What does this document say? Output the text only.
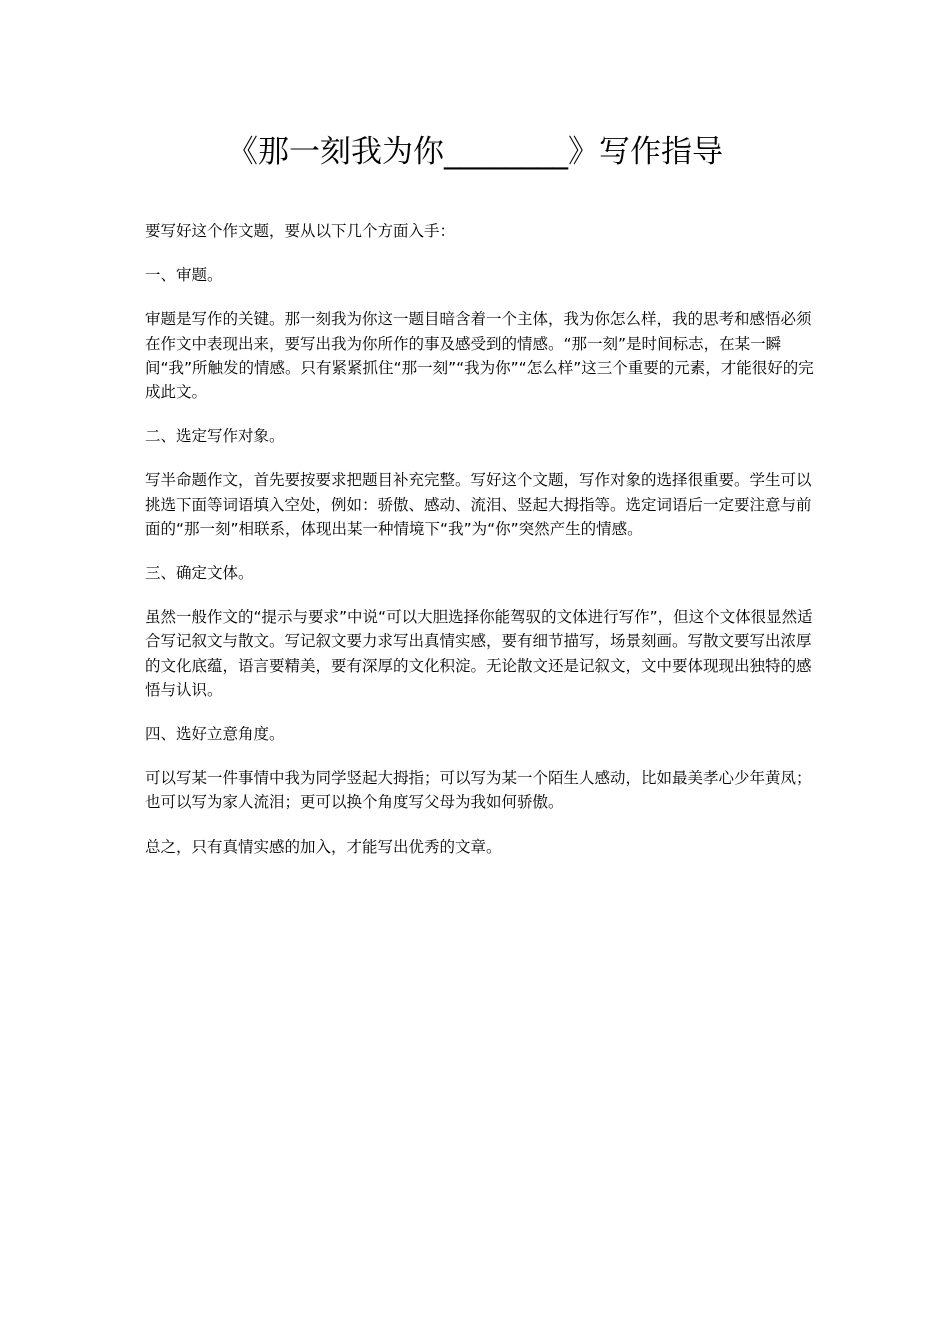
《那一刻我为你________》写作指导

要写好这个作文题，要从以下几个方面入手：

一、审题。

审题是写作的关键。那一刻我为你这一题目暗含着一个主体，我为你怎么样，我的思考和感悟必须在作文中表现出来，要写出我为你所作的事及感受到的情感。“那一刻”是时间标志，在某一瞬间“我”所触发的情感。只有紧紧抓住“那一刻”“我为你”“怎么样”这三个重要的元素，才能很好的完成此文。

二、选定写作对象。

写半命题作文，首先要按要求把题目补充完整。写好这个文题，写作对象的选择很重要。学生可以挑选下面等词语填入空处，例如：骄傲、感动、流泪、竖起大拇指等。选定词语后一定要注意与前面的“那一刻”相联系，体现出某一种情境下“我”为“你”突然产生的情感。

三、确定文体。

虽然一般作文的“提示与要求”中说“可以大胆选择你能驾驭的文体进行写作”，但这个文体很显然适合写记叙文与散文。写记叙文要力求写出真情实感，要有细节描写，场景刻画。写散文要写出浓厚的文化底蕴，语言要精美，要有深厚的文化积淀。无论散文还是记叙文，文中要体现现出独特的感悟与认识。

四、选好立意角度。

可以写某一件事情中我为同学竖起大拇指；可以写为某一个陌生人感动，比如最美孝心少年黄凤；也可以写为家人流泪；更可以换个角度写父母为我如何骄傲。

总之，只有真情实感的加入，才能写出优秀的文章。
